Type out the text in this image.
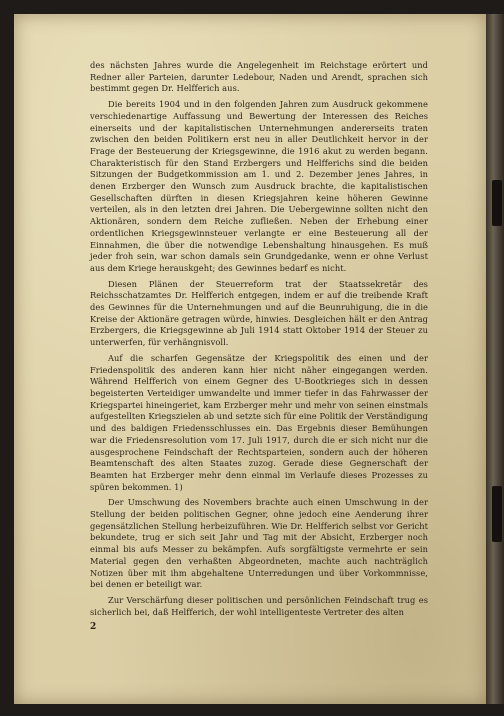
des nächsten Jahres wurde die Angelegenheit im Reichstage erörtert und Redner aller Parteien, darunter Ledebour, Naden und Arendt, sprachen sich bestimmt gegen Dr. Helfferich aus.

Die bereits 1904 und in den folgenden Jahren zum Ausdruck gekommene verschiedenartige Auffassung und Bewertung der Interessen des Reiches einerseits und der kapitalistischen Unternehmungen andererseits traten zwischen den beiden Politikern erst neu in aller Deutlichkeit hervor in der Frage der Besteuerung der Kriegsgewinne, die 1916 akut zu werden begann. Charakteristisch für den Stand Erzbergers und Helfferichs sind die beiden Sitzungen der Budgetkommission am 1. und 2. Dezember jenes Jahres, in denen Erzberger den Wunsch zum Ausdruck brachte, die kapitalistischen Gesellschaften dürften in diesen Kriegsjahren keine höheren Gewinne verteilen, als in den letzten drei Jahren. Die Uebergewinne sollten nicht den Aktionären, sondern dem Reiche zufließen. Neben der Erhebung einer ordentlichen Kriegsgewinnsteuer verlangte er eine Besteuerung all der Einnahmen, die über die notwendige Lebenshaltung hinausgehen. Es muß jeder froh sein, war schon damals sein Grundgedanke, wenn er ohne Verlust aus dem Kriege herauskgeht; des Gewinnes bedarf es nicht.

Diesen Plänen der Steuerreform trat der Staatssekretär des Reichsschatzamtes Dr. Helfferich entgegen, indem er auf die treibende Kraft des Gewinnes für die Unternehmungen und auf die Beunruhigung, die in die Kreise der Aktionäre getragen würde, hinwies. Desgleichen hält er den Antrag Erzbergers, die Kriegsgewinne ab Juli 1914 statt Oktober 1914 der Steuer zu unterwerfen, für verhängnisvoll.

Auf die scharfen Gegensätze der Kriegspolitik des einen und der Friedenspolitik des anderen kann hier nicht näher eingegangen werden. Während Helfferich von einem Gegner des U-Bootkrieges sich in dessen begeisterten Verteidiger umwandelte und immer tiefer in das Fahrwasser der Kriegspartei hineingeriet, kam Erzberger mehr und mehr von seinen einstmals aufgestellten Kriegszielen ab und setzte sich für eine Politik der Verständigung und des baldigen Friedensschlusses ein. Das Ergebnis dieser Bemühungen war die Friedensresolution vom 17. Juli 1917, durch die er sich nicht nur die ausgesprochene Feindschaft der Rechtsparteien, sondern auch der höheren Beamtenschaft des alten Staates zuzog. Gerade diese Gegnerschaft der Beamten hat Erzberger mehr denn einmal im Verlaufe dieses Prozesses zu spüren bekommen. 1)

Der Umschwung des Novembers brachte auch einen Umschwung in der Stellung der beiden politischen Gegner, ohne jedoch eine Aenderung ihrer gegensätzlichen Stellung herbeizuführen. Wie Dr. Helfferich selbst vor Gericht bekundete, trug er sich seit Jahr und Tag mit der Absicht, Erzberger noch einmal bis aufs Messer zu bekämpfen. Aufs sorgfältigste vermehrte er sein Material gegen den verhaßten Abgeordneten, machte auch nachträglich Notizen über mit ihm abgehaltene Unterredungen und über Vorkommnisse, bei denen er beteiligt war.

Zur Verschärfung dieser politischen und persönlichen Feindschaft trug es sicherlich bei, daß Helfferich, der wohl intelligenteste Vertreter des alten

2
